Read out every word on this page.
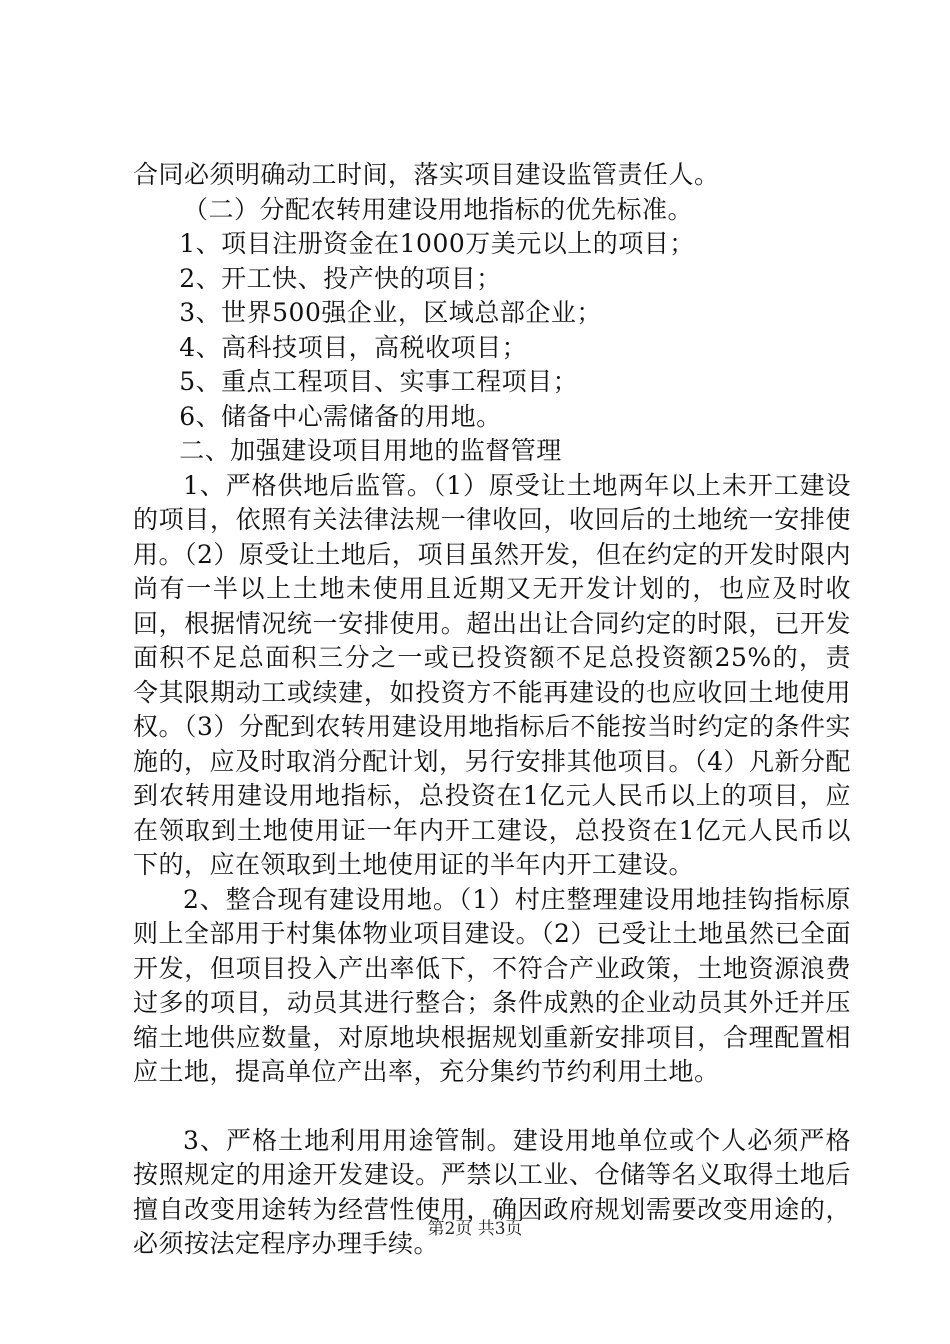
合同必须明确动工时间，落实项目建设监管责任人。

（二）分配农转用建设用地指标的优先标准。

1、项目注册资金在1000万美元以上的项目；

2、开工快、投产快的项目；

3、世界500强企业，区域总部企业；

4、高科技项目，高税收项目；

5、重点工程项目、实事工程项目；

6、储备中心需储备的用地。

二、加强建设项目用地的监督管理

1、严格供地后监管。（1）原受让土地两年以上未开工建设的项目，依照有关法律法规一律收回，收回后的土地统一安排使用。（2）原受让土地后，项目虽然开发，但在约定的开发时限内尚有一半以上土地未使用且近期又无开发计划的，也应及时收回，根据情况统一安排使用。超出出让合同约定的时限，已开发面积不足总面积三分之一或已投资额不足总投资额25%的，责令其限期动工或续建，如投资方不能再建设的也应收回土地使用权。（3）分配到农转用建设用地指标后不能按当时约定的条件实施的，应及时取消分配计划，另行安排其他项目。（4）凡新分配到农转用建设用地指标，总投资在1亿元人民币以上的项目，应在领取到土地使用证一年内开工建设，总投资在1亿元人民币以下的，应在领取到土地使用证的半年内开工建设。

2、整合现有建设用地。（1）村庄整理建设用地挂钩指标原则上全部用于村集体物业项目建设。（2）已受让土地虽然已全面开发，但项目投入产出率低下，不符合产业政策，土地资源浪费过多的项目，动员其进行整合；条件成熟的企业动员其外迁并压缩土地供应数量，对原地块根据规划重新安排项目，合理配置相应土地，提高单位产出率，充分集约节约利用土地。

3、严格土地利用用途管制。建设用地单位或个人必须严格按照规定的用途开发建设。严禁以工业、仓储等名义取得土地后擅自改变用途转为经营性使用，确因政府规划需要改变用途的，必须按法定程序办理手续。

第2页 共3页
